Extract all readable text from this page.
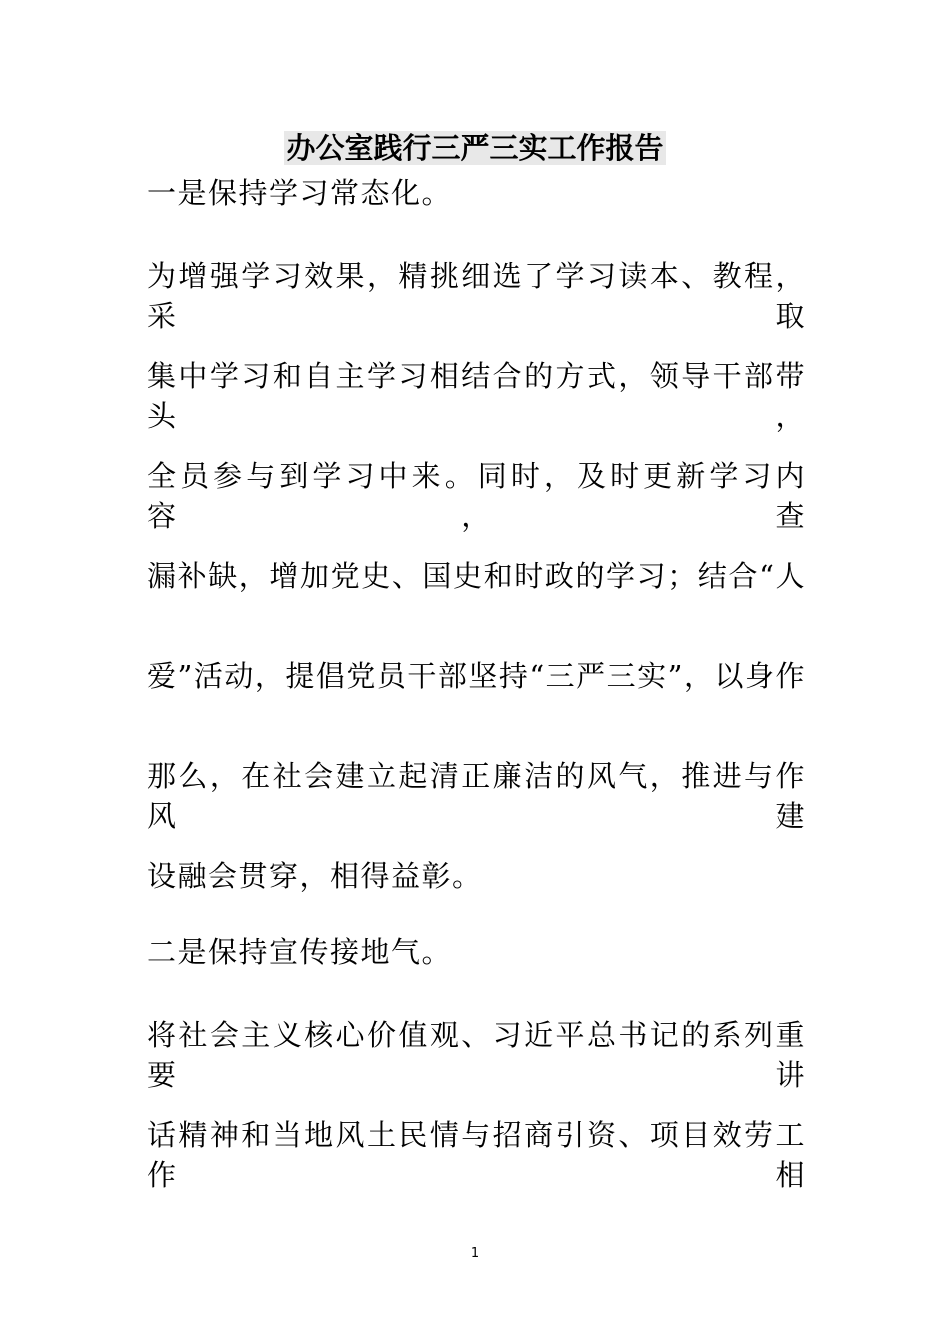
办公室践行三严三实工作报告
一是保持学习常态化。
为增强学习效果，精挑细选了学习读本、教程，采取
集中学习和自主学习相结合的方式，领导干部带头，
全员参与到学习中来。同时，及时更新学习内容，查
漏补缺，增加党史、国史和时政的学习；结合“人
爱”活动，提倡党员干部坚持“三严三实”，以身作
那么，在社会建立起清正廉洁的风气，推进与作风建
设融会贯穿，相得益彰。
二是保持宣传接地气。
将社会主义核心价值观、习近平总书记的系列重要讲
话精神和当地风土民情与招商引资、项目效劳工作相
1
